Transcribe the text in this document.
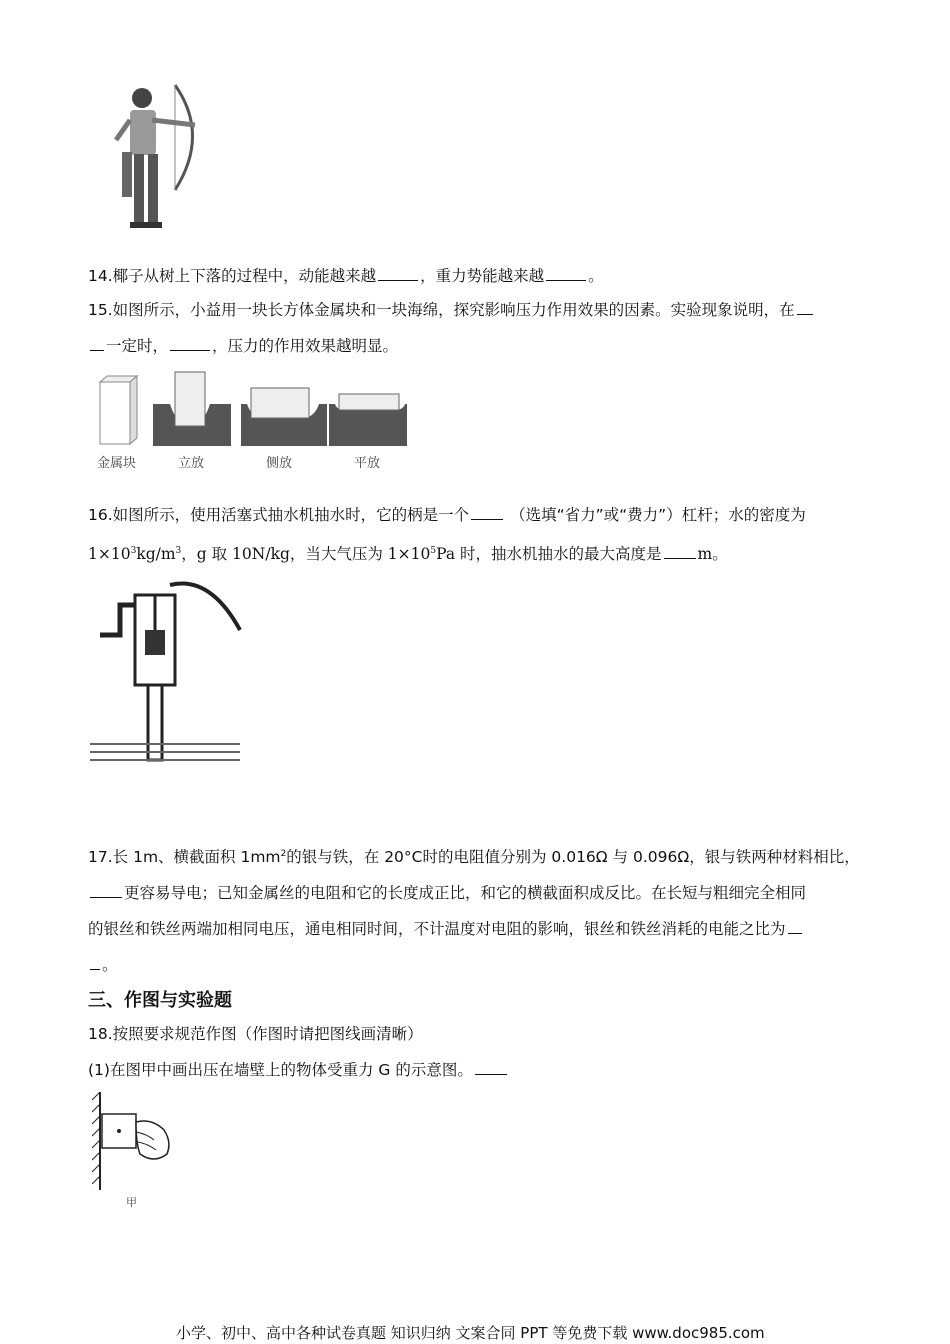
14.椰子从树上下落的过程中，动能越来越	，重力势能越来越	。
15.如图所示，小益用一块长方体金属块和一块海绵，探究影响压力作用效果的因素。实验现象说明，在
一定时，	，压力的作用效果越明显。
金属块	立放	侧放	平放
16.如图所示，使用活塞式抽水机抽水时，它的柄是一个	（选填“省力”或“费力”）杠杆；水的密度为
$1\times 10^3kg/m^3$，g 取 10N/kg，当大气压为 $1\times 10^5Pa$ 时，抽水机抽水的最大高度是 m。
17.长 1m、横截面积 $1mm^2$的银与铁，在 20°C时的电阻值分别为 0.016Ω 与 0.096Ω，银与铁两种材料相比，
更容易导电；已知金属丝的电阻和它的长度成正比，和它的横截面积成反比。在长短与粗细完全相同
的银丝和铁丝两端加相同电压，通电相同时间，不计温度对电阻的影响，银丝和铁丝消耗的电能之比为
。
三、作图与实验题
18.按照要求规范作图（作图时请把图线画清晰）
(1)在图甲中画出压在墙壁上的物体受重力 G 的示意图。
甲
小学、初中、高中各种试卷真题 知识归纳 文案合同 PPT 等免费下载 www.doc985.com
